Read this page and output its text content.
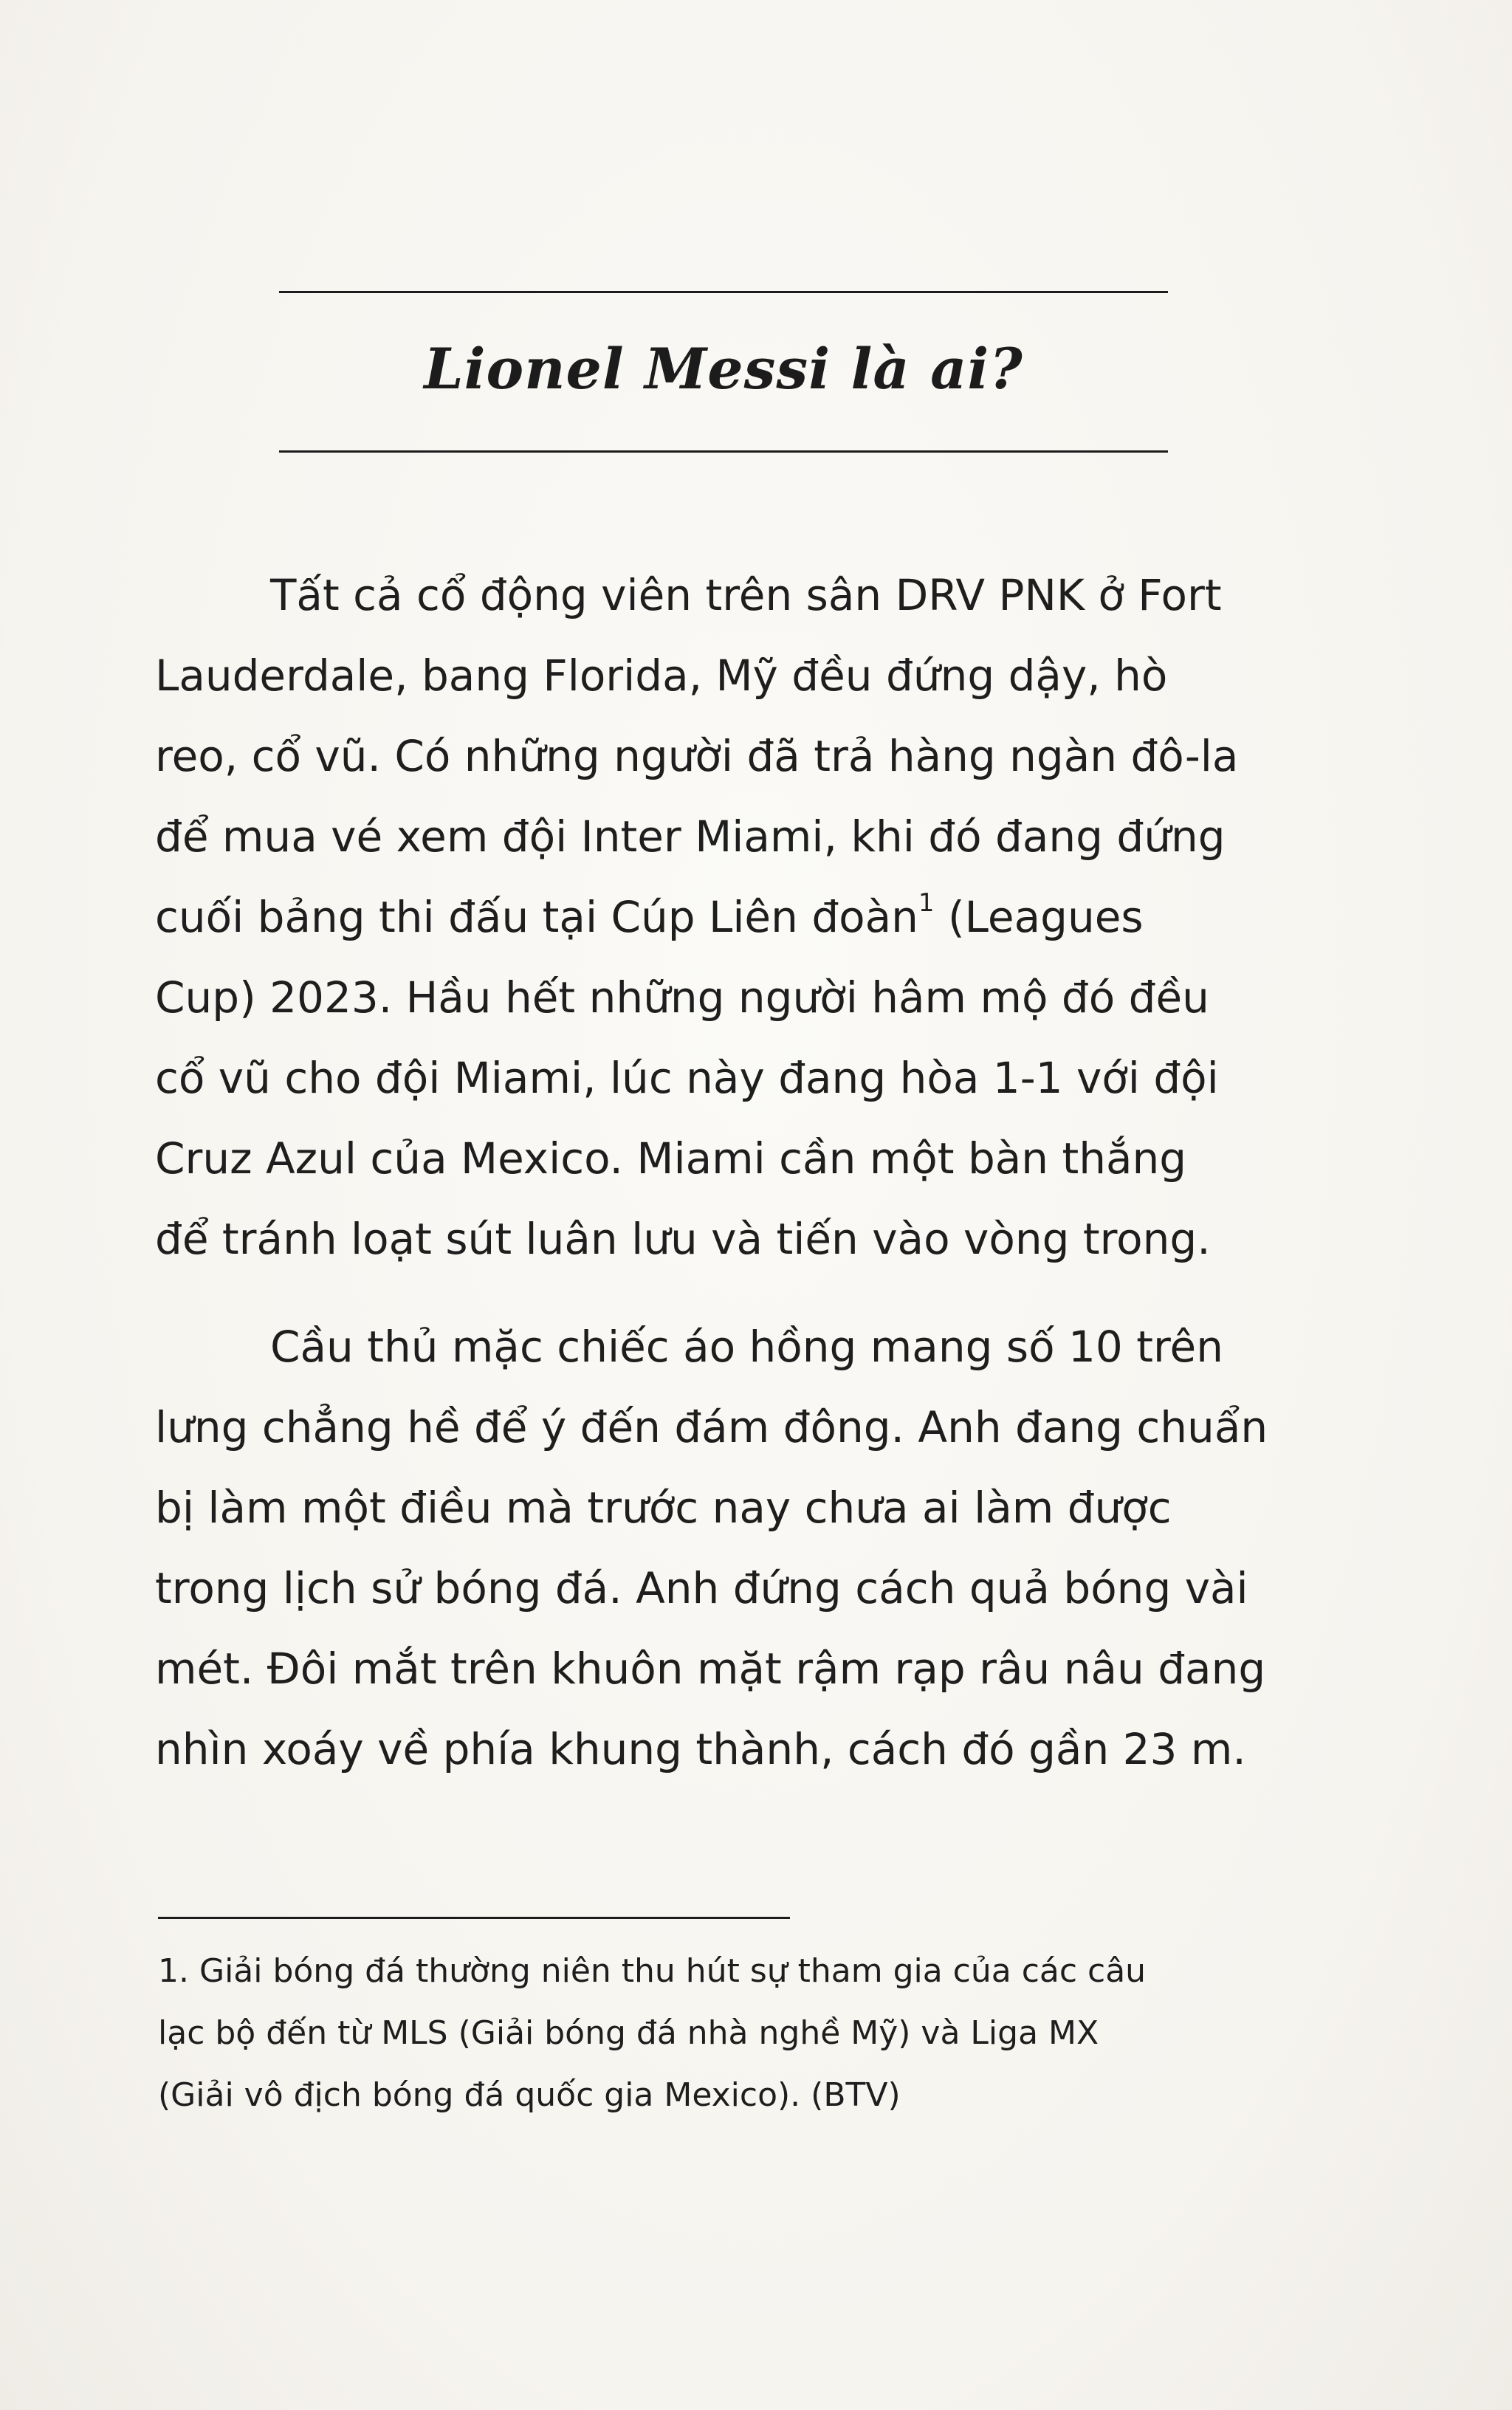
Lionel Messi là ai?

Tất cả cổ động viên trên sân DRV PNK ở Fort
Lauderdale, bang Florida, Mỹ đều đứng dậy, hò
reo, cổ vũ. Có những người đã trả hàng ngàn đô-la
để mua vé xem đội Inter Miami, khi đó đang đứng
cuối bảng thi đấu tại Cúp Liên đoàn$^1$ (Leagues
Cup) 2023. Hầu hết những người hâm mộ đó đều
cổ vũ cho đội Miami, lúc này đang hòa 1-1 với đội
Cruz Azul của Mexico. Miami cần một bàn thắng
để tránh loạt sút luân lưu và tiến vào vòng trong.

Cầu thủ mặc chiếc áo hồng mang số 10 trên
lưng chẳng hề để ý đến đám đông. Anh đang chuẩn
bị làm một điều mà trước nay chưa ai làm được
trong lịch sử bóng đá. Anh đứng cách quả bóng vài
mét. Đôi mắt trên khuôn mặt rậm rạp râu nâu đang
nhìn xoáy về phía khung thành, cách đó gần 23 m.

1. Giải bóng đá thường niên thu hút sự tham gia của các câu
lạc bộ đến từ MLS (Giải bóng đá nhà nghề Mỹ) và Liga MX
(Giải vô địch bóng đá quốc gia Mexico). (BTV)
